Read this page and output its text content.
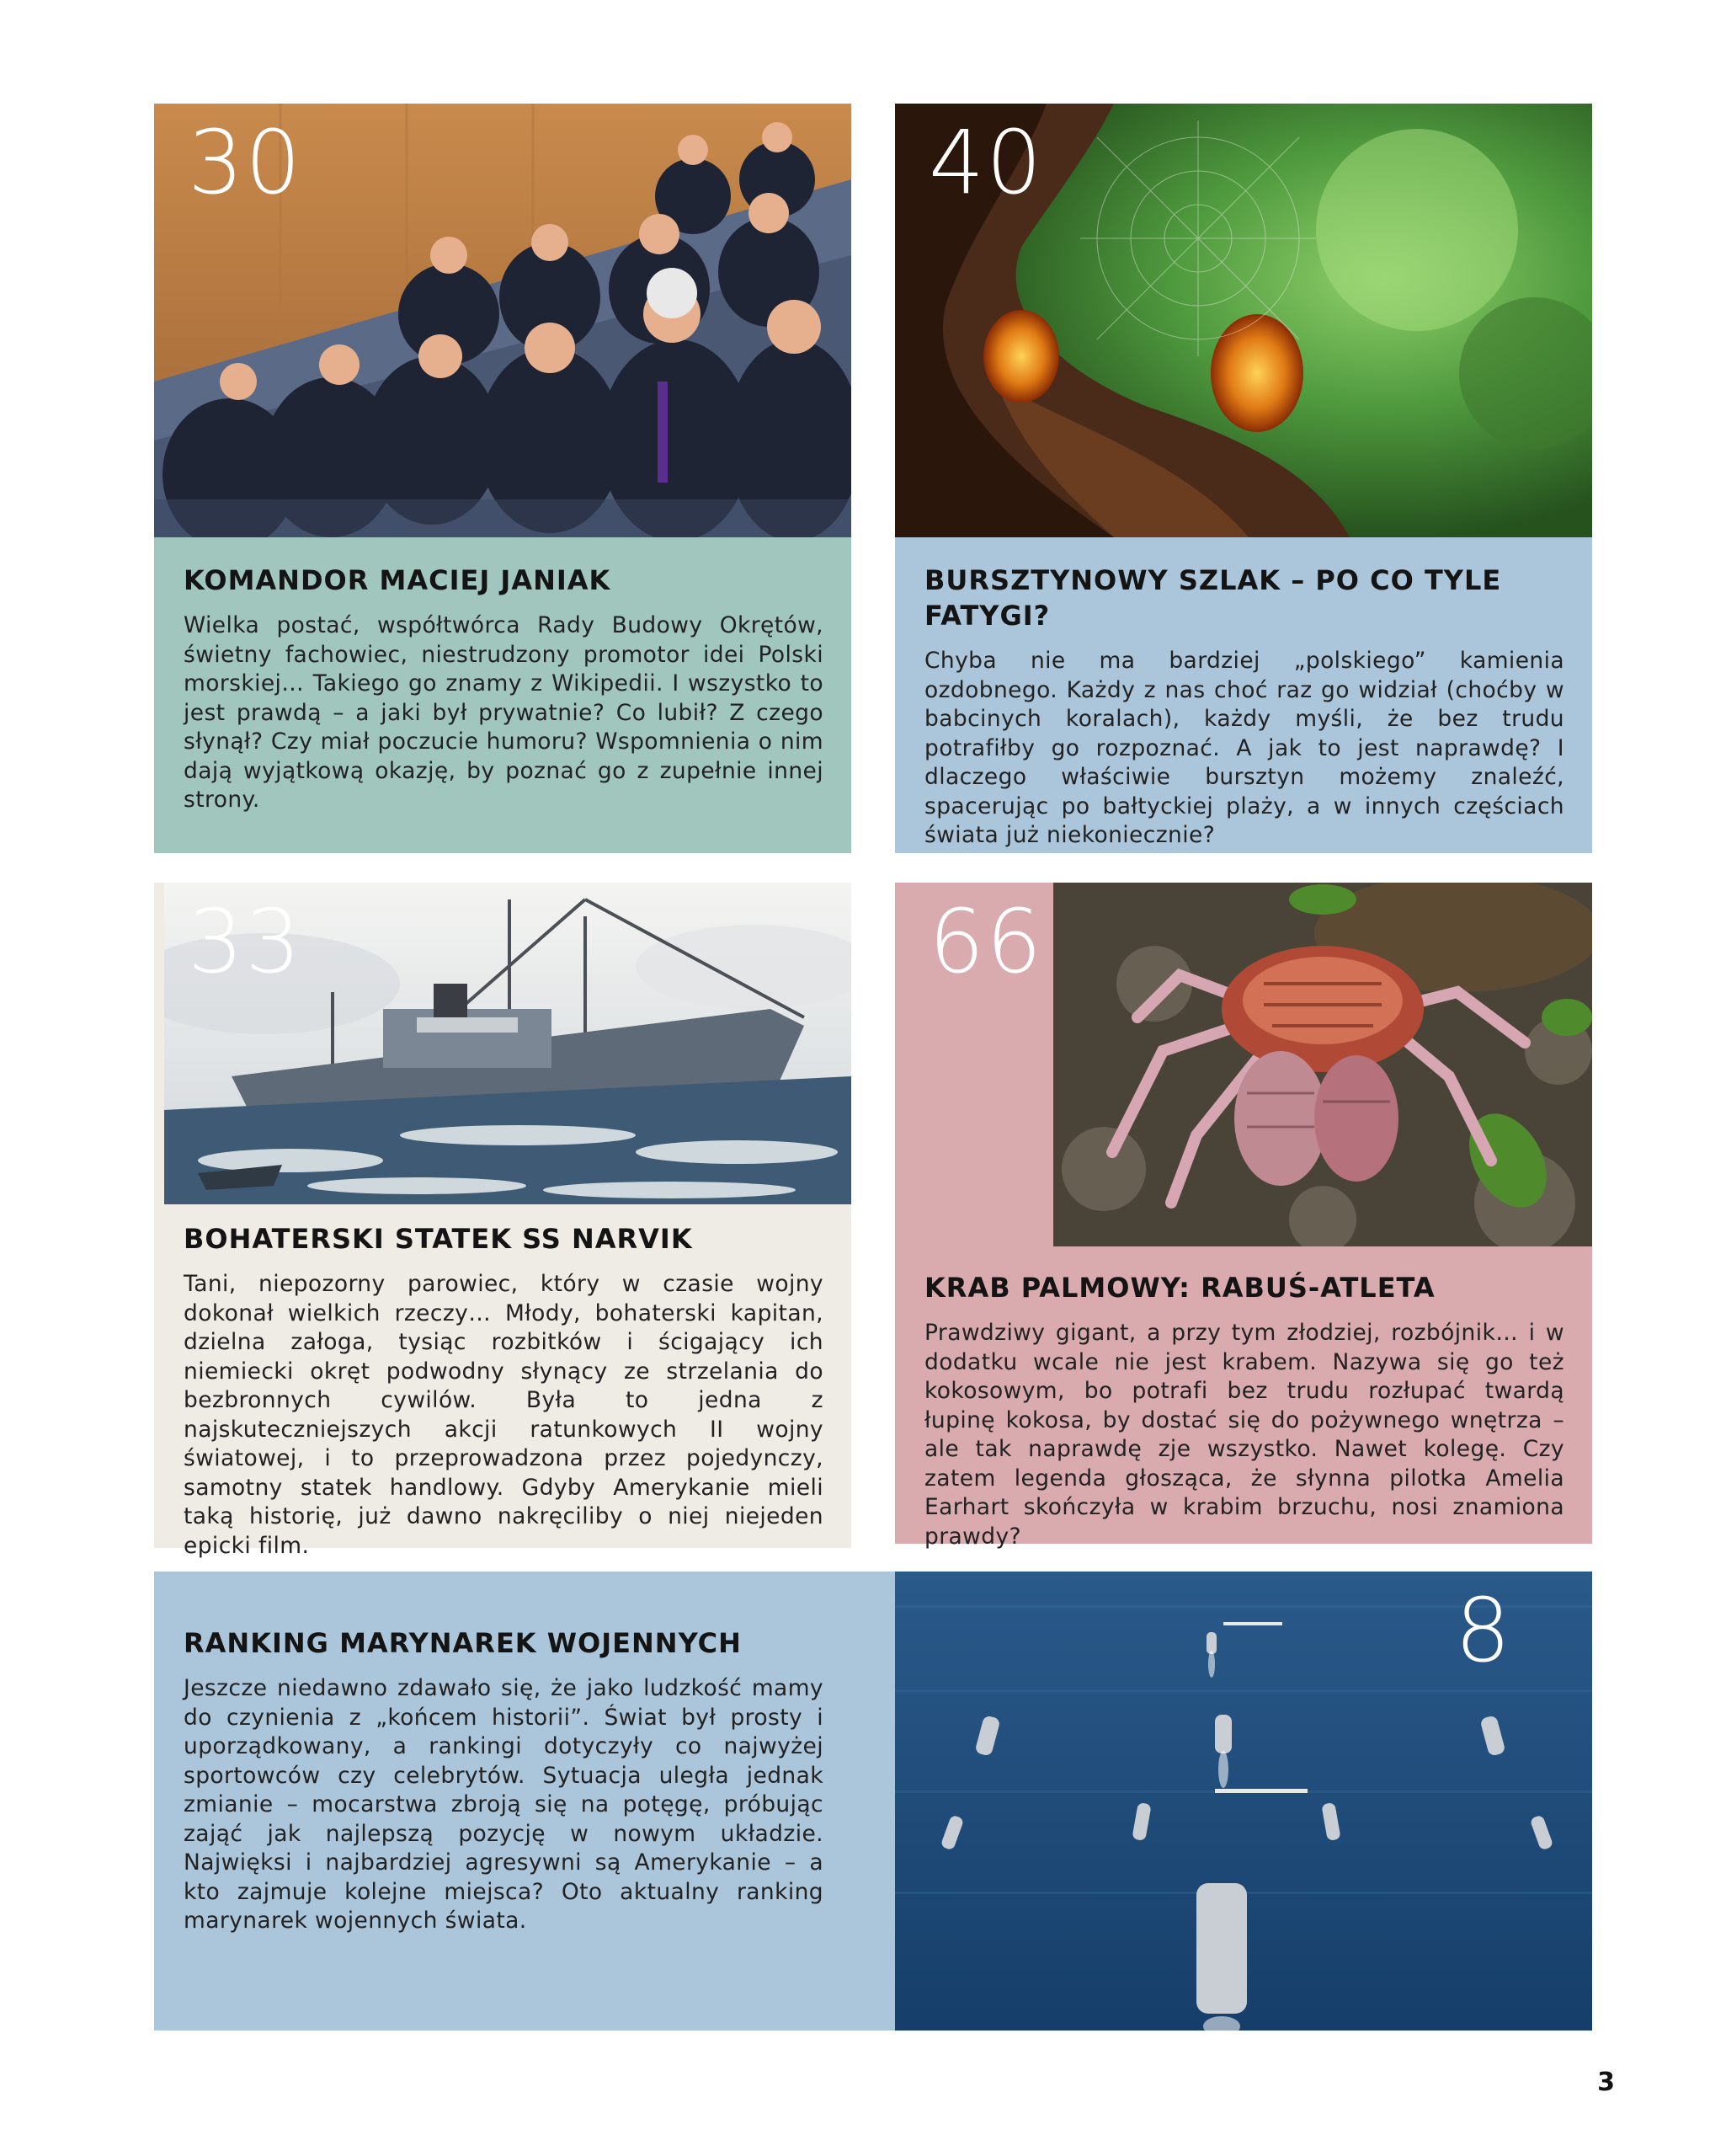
30
KOMANDOR MACIEJ JANIAK

Wielka postać, współtwórca Rady Budowy Okrętów, świetny fachowiec, niestrudzony promotor idei Polski morskiej… Takiego go znamy z Wikipedii. I wszystko to jest prawdą – a jaki był prywatnie? Co lubił? Z czego słynął? Czy miał poczucie humoru? Wspomnienia o nim dają wyjątkową okazję, by poznać go z zupełnie innej strony.

40
BURSZTYNOWY SZLAK – PO CO TYLE FATYGI?

Chyba nie ma bardziej „polskiego” kamienia ozdobnego. Każdy z nas choć raz go widział (choćby w babcinych koralach), każdy myśli, że bez trudu potrafiłby go rozpoznać. A jak to jest naprawdę? I dlaczego właściwie bursztyn możemy znaleźć, spacerując po bałtyckiej plaży, a w innych częściach świata już niekoniecznie?

BOHATERSKI STATEK SS NARVIK

Tani, niepozorny parowiec, który w czasie wojny dokonał wielkich rzeczy… Młody, bohaterski kapitan, dzielna załoga, tysiąc rozbitków i ścigający ich niemiecki okręt podwodny słynący ze strzelania do bezbronnych cywilów. Była to jedna z najskuteczniejszych akcji ratunkowych II wojny światowej, i to przeprowadzona przez pojedynczy, samotny statek handlowy. Gdyby Amerykanie mieli taką historię, już dawno nakręciliby o niej niejeden epicki film.

33
KRAB PALMOWY: RABUŚ-ATLETA

Prawdziwy gigant, a przy tym złodziej, rozbójnik… i w dodatku wcale nie jest krabem. Nazywa się go też kokosowym, bo potrafi bez trudu rozłupać twardą łupinę kokosa, by dostać się do pożywnego wnętrza – ale tak naprawdę zje wszystko. Nawet kolegę. Czy zatem legenda głosząca, że słynna pilotka Amelia Earhart skończyła w krabim brzuchu, nosi znamiona prawdy?

66
RANKING MARYNAREK WOJENNYCH

Jeszcze niedawno zdawało się, że jako ludzkość mamy do czynienia z „końcem historii”. Świat był prosty i uporządkowany, a rankingi dotyczyły co najwyżej sportowców czy celebrytów. Sytuacja uległa jednak zmianie – mocarstwa zbroją się na potęgę, próbując zająć jak najlepszą pozycję w nowym układzie. Najwięksi i najbardziej agresywni są Amerykanie – a kto zajmuje kolejne miejsca? Oto aktualny ranking marynarek wojennych świata.

8
3
